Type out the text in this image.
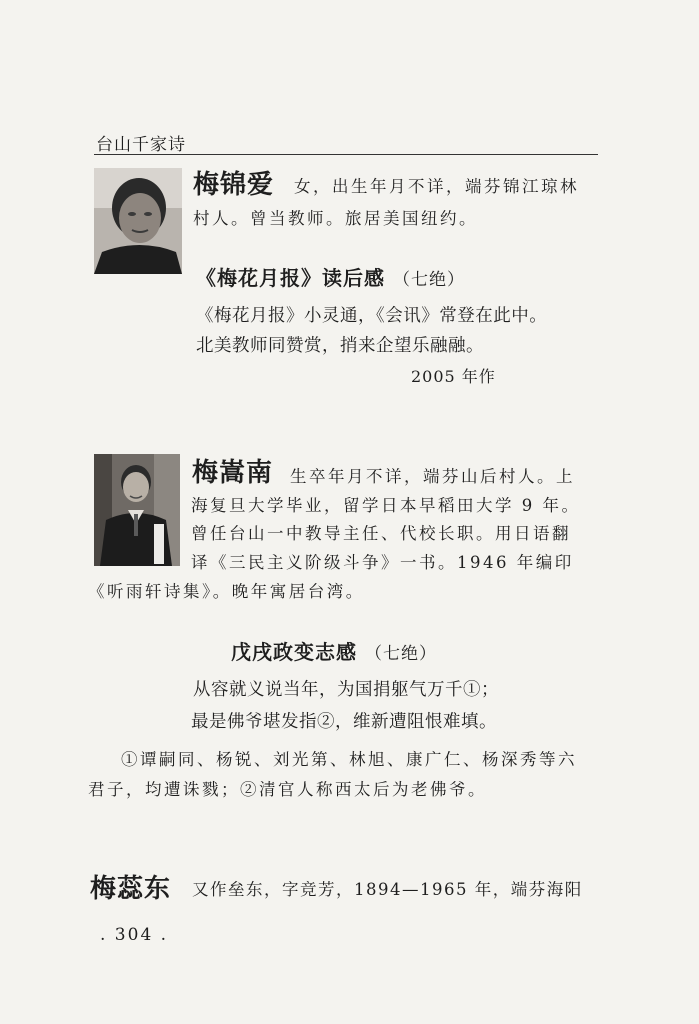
台山千家诗
梅锦爱 女，出生年月不详，端芬锦江琼林
村人。曾当教师。旅居美国纽约。
《梅花月报》读后感 （七绝）
《梅花月报》小灵通，《会讯》常登在此中。
北美教师同赞赏，捎来企望乐融融。
2005 年作
梅嵩南 生卒年月不详，端芬山后村人。上
海复旦大学毕业，留学日本早稻田大学 9 年。
曾任台山一中教导主任、代校长职。用日语翻
译《三民主义阶级斗争》一书。1946 年编印
《听雨轩诗集》。晚年寓居台湾。
戊戌政变志感 （七绝）
从容就义说当年，为国捐躯气万千①；
最是佛爷堪发指②，维新遭阻恨难填。
①谭嗣同、杨锐、刘光第、林旭、康广仁、杨深秀等六
君子，均遭诛戮；②清官人称西太后为老佛爷。
梅蕊东 又作垒东，字竞芳，1894—1965 年，端芬海阳
. 304 .
